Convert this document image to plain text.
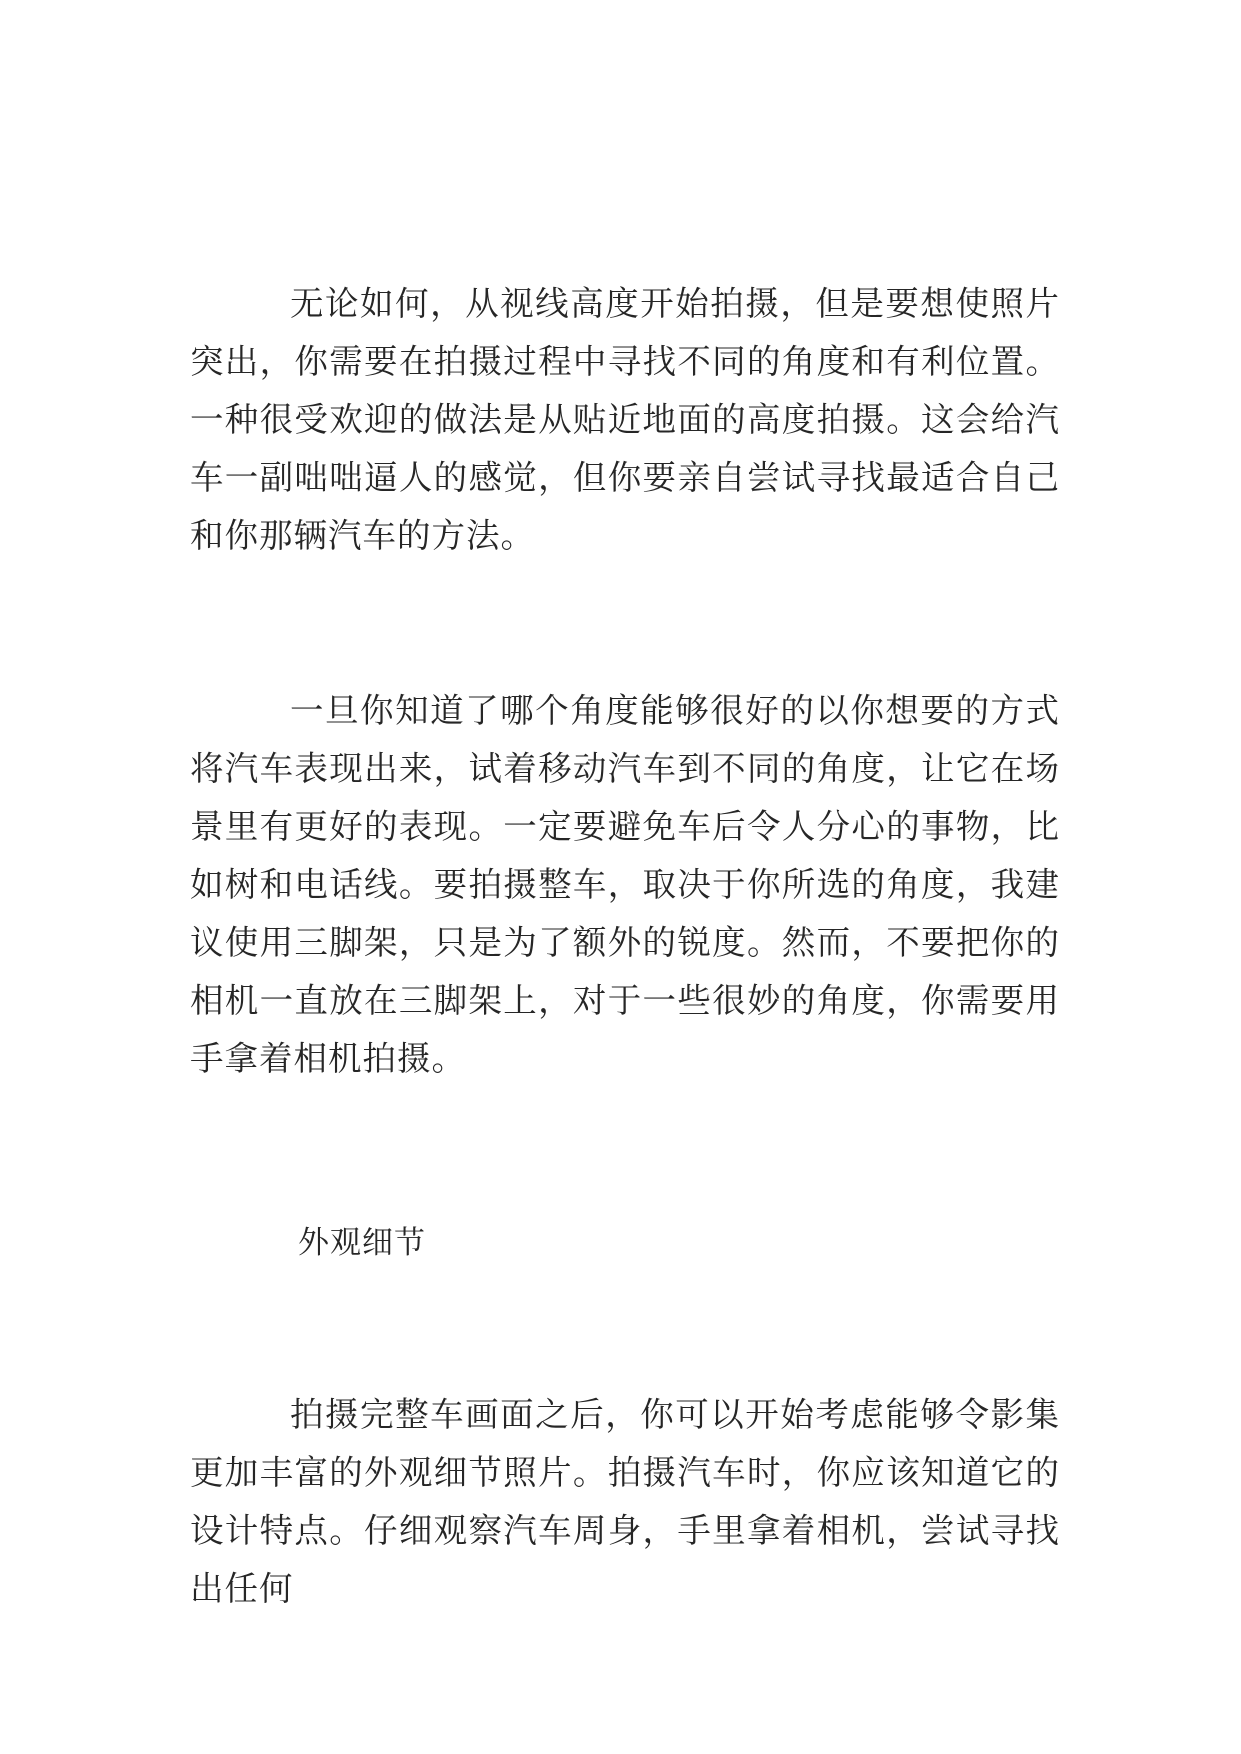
无论如何，从视线高度开始拍摄，但是要想使照片突出，你需要在拍摄过程中寻找不同的角度和有利位置。一种很受欢迎的做法是从贴近地面的高度拍摄。这会给汽车一副咄咄逼人的感觉，但你要亲自尝试寻找最适合自己和你那辆汽车的方法。

一旦你知道了哪个角度能够很好的以你想要的方式将汽车表现出来，试着移动汽车到不同的角度，让它在场景里有更好的表现。一定要避免车后令人分心的事物，比如树和电话线。要拍摄整车，取决于你所选的角度，我建议使用三脚架，只是为了额外的锐度。然而，不要把你的相机一直放在三脚架上，对于一些很妙的角度，你需要用手拿着相机拍摄。

外观细节

拍摄完整车画面之后，你可以开始考虑能够令影集更加丰富的外观细节照片。拍摄汽车时，你应该知道它的设计特点。仔细观察汽车周身，手里拿着相机，尝试寻找出任何
